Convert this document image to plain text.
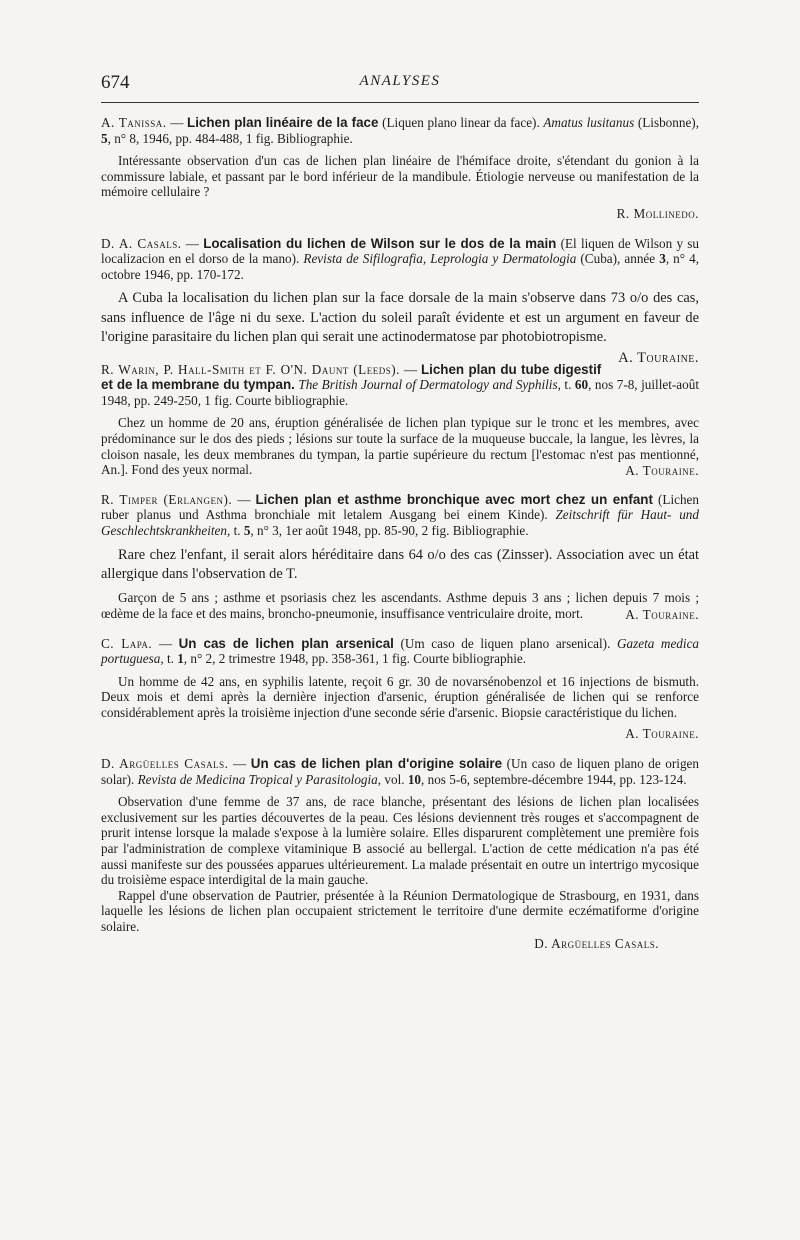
674	ANALYSES

A. Tanissa. — Lichen plan linéaire de la face (Liquen plano linear da face). Amatus lusitanus (Lisbonne), 5, n° 8, 1946, pp. 484-488, 1 fig. Bibliographie.

Intéressante observation d'un cas de lichen plan linéaire de l'hémiface droite, s'étendant du gonion à la commissure labiale, et passant par le bord inférieur de la mandibule. Étiologie nerveuse ou manifestation de la mémoire cellulaire ?

R. Mollinedo.

D. A. Casals. — Localisation du lichen de Wilson sur le dos de la main (El liquen de Wilson y su localizacion en el dorso de la mano). Revista de Sifilografia, Leprologia y Dermatologia (Cuba), année 3, n° 4, octobre 1946, pp. 170-172.

A Cuba la localisation du lichen plan sur la face dorsale de la main s'observe dans 73 o/o des cas, sans influence de l'âge ni du sexe. L'action du soleil paraît évidente et est un argument en faveur de l'origine parasitaire du lichen plan qui serait une actinodermatose par photobiotropisme.
A. Touraine.

R. Warin, P. Hall-Smith et F. O'N. Daunt (Leeds). — Lichen plan du tube digestif et de la membrane du tympan. The British Journal of Dermatology and Syphilis, t. 60, nos 7-8, juillet-août 1948, pp. 249-250, 1 fig. Courte bibliographie.

Chez un homme de 20 ans, éruption généralisée de lichen plan typique sur le tronc et les membres, avec prédominance sur le dos des pieds ; lésions sur toute la surface de la muqueuse buccale, la langue, les lèvres, la cloison nasale, les deux membranes du tympan, la partie supérieure du rectum [l'estomac n'est pas mentionné, An.]. Fond des yeux normal.	A. Touraine.

R. Timper (Erlangen). — Lichen plan et asthme bronchique avec mort chez un enfant (Lichen ruber planus und Asthma bronchiale mit letalem Ausgang bei einem Kinde). Zeitschrift für Haut- und Geschlechtskrankheiten, t. 5, n° 3, 1er août 1948, pp. 85-90, 2 fig. Bibliographie.

Rare chez l'enfant, il serait alors héréditaire dans 64 o/o des cas (Zinsser). Association avec un état allergique dans l'observation de T.

Garçon de 5 ans ; asthme et psoriasis chez les ascendants. Asthme depuis 3 ans ; lichen depuis 7 mois ; œdème de la face et des mains, broncho-pneumonie, insuffisance ventriculaire droite, mort.	A. Touraine.

C. Lapa. — Un cas de lichen plan arsenical (Um caso de liquen plano arsenical). Gazeta medica portuguesa, t. 1, n° 2, 2 trimestre 1948, pp. 358-361, 1 fig. Courte bibliographie.

Un homme de 42 ans, en syphilis latente, reçoit 6 gr. 30 de novarsénobenzol et 16 injections de bismuth. Deux mois et demi après la dernière injection d'arsenic, éruption généralisée de lichen qui se renforce considérablement après la troisième injection d'une seconde série d'arsenic. Biopsie caractéristique du lichen.

A. Touraine.

D. Argüelles Casals. — Un cas de lichen plan d'origine solaire (Un caso de liquen plano de origen solar). Revista de Medicina Tropical y Parasitologia, vol. 10, nos 5-6, septembre-décembre 1944, pp. 123-124.

Observation d'une femme de 37 ans, de race blanche, présentant des lésions de lichen plan localisées exclusivement sur les parties découvertes de la peau. Ces lésions deviennent très rouges et s'accompagnent de prurit intense lorsque la malade s'expose à la lumière solaire. Elles disparurent complètement une première fois par l'administration de complexe vitaminique B associé au bellergal. L'action de cette médication n'a pas été aussi manifeste sur des poussées apparues ultérieurement. La malade présentait en outre un intertrigo mycosique du troisième espace interdigital de la main gauche.

Rappel d'une observation de Pautrier, présentée à la Réunion Dermatologique de Strasbourg, en 1931, dans laquelle les lésions de lichen plan occupaient strictement le territoire d'une dermite eczématiforme d'origine solaire.

D. Argüelles Casals.
